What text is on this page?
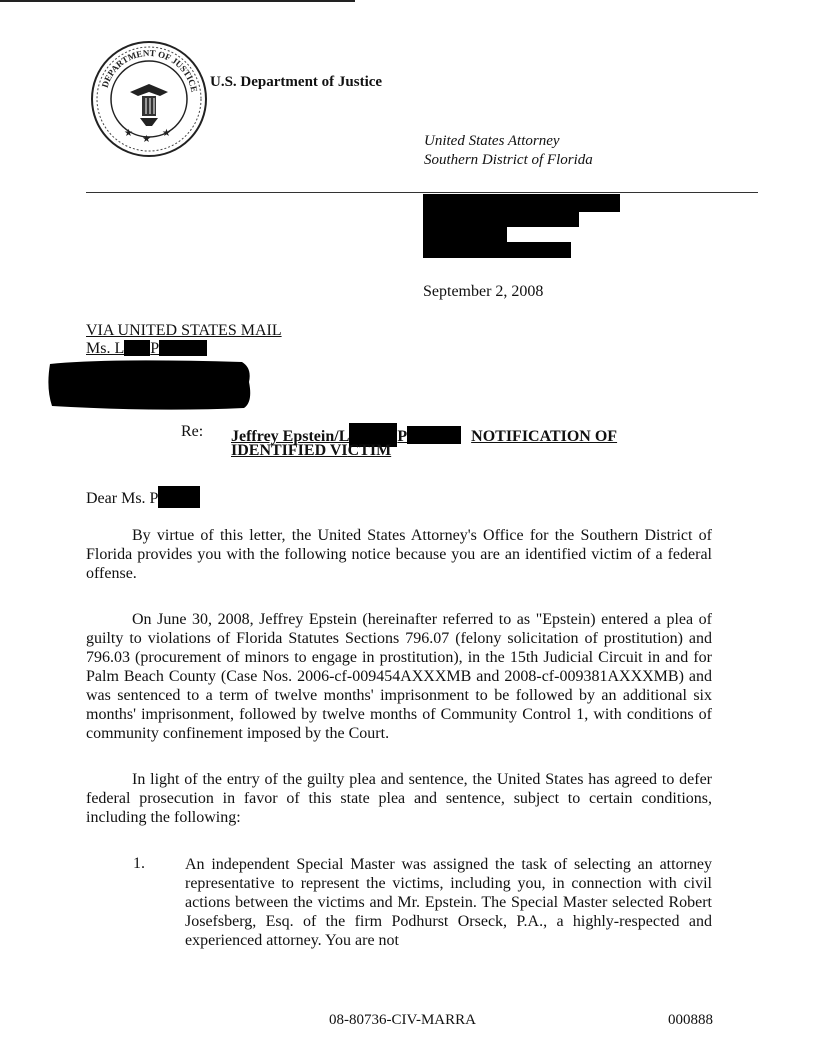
DEPARTMENT OF JUSTICE
★
★
★
U.S. Department of Justice
United States Attorney
Southern District of Florida
September 2, 2008
VIA UNITED STATES MAIL
Ms. L P
Re: Jeffrey Epstein/L	P	NOTIFICATION OF
IDENTIFIED VICTIM
Dear Ms. P
By virtue of this letter, the United States Attorney's Office for the Southern District of Florida provides you with the following notice because you are an identified victim of a federal offense.
On June 30, 2008, Jeffrey Epstein (hereinafter referred to as "Epstein) entered a plea of guilty to violations of Florida Statutes Sections 796.07 (felony solicitation of prostitution) and 796.03 (procurement of minors to engage in prostitution), in the 15th Judicial Circuit in and for Palm Beach County (Case Nos. 2006-cf-009454AXXXMB and 2008-cf-009381AXXXMB) and was sentenced to a term of twelve months' imprisonment to be followed by an additional six months' imprisonment, followed by twelve months of Community Control 1, with conditions of community confinement imposed by the Court.
In light of the entry of the guilty plea and sentence, the United States has agreed to defer federal prosecution in favor of this state plea and sentence, subject to certain conditions, including the following:
1.	An independent Special Master was assigned the task of selecting an attorney representative to represent the victims, including you, in connection with civil actions between the victims and Mr. Epstein. The Special Master selected Robert Josefsberg, Esq. of the firm Podhurst Orseck, P.A., a highly-respected and experienced attorney. You are not
08-80736-CIV-MARRA	000888
